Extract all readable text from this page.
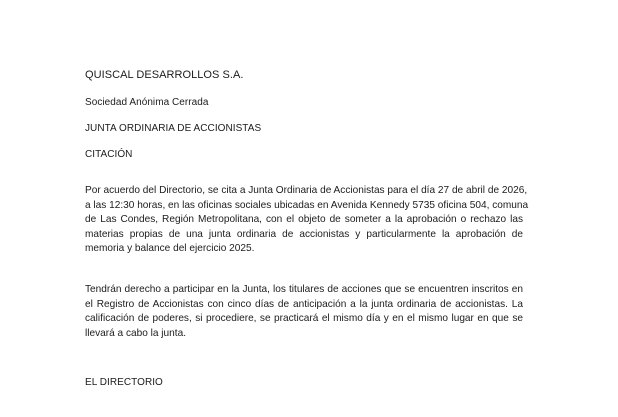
QUISCAL DESARROLLOS S.A.
Sociedad Anónima Cerrada
JUNTA ORDINARIA DE ACCIONISTAS
CITACIÓN

Por acuerdo del Directorio, se cita a Junta Ordinaria de Accionistas para el día 27 de abril de 2026,
a las 12:30 horas, en las oficinas sociales ubicadas en Avenida Kennedy 5735 oficina 504, comuna
de Las Condes, Región Metropolitana, con el objeto de someter a la aprobación o rechazo las
materias propias de una junta ordinaria de accionistas y particularmente la aprobación de
memoria y balance del ejercicio 2025.

Tendrán derecho a participar en la Junta, los titulares de acciones que se encuentren inscritos en
el Registro de Accionistas con cinco días de anticipación a la junta ordinaria de accionistas. La
calificación de poderes, si procediere, se practicará el mismo día y en el mismo lugar en que se
llevará a cabo la junta.

EL DIRECTORIO
